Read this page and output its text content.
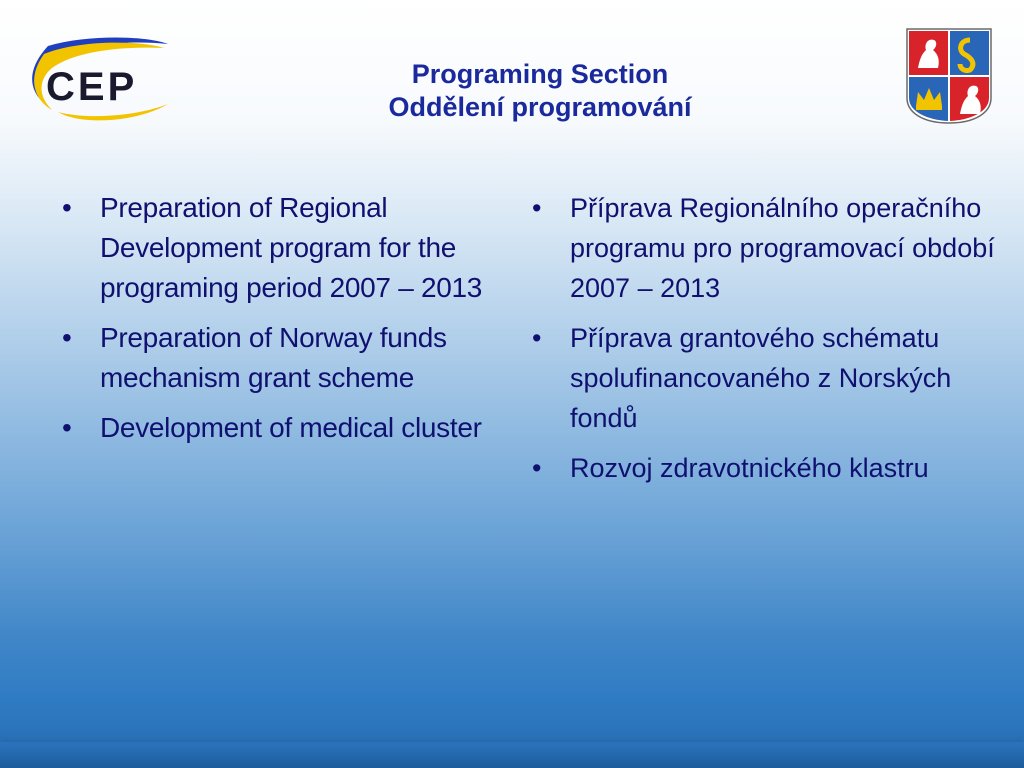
CEP	Programing Section
Oddělení programování
•	Preparation of Regional Development program for the programing period 2007 – 2013
•	Preparation of Norway funds mechanism grant scheme
•	Development of medical cluster
•	Příprava Regionálního operačního programu pro programovací období 2007 – 2013
•	Příprava grantového schématu spolufinancovaného z Norských fondů
•	Rozvoj zdravotnického klastru
